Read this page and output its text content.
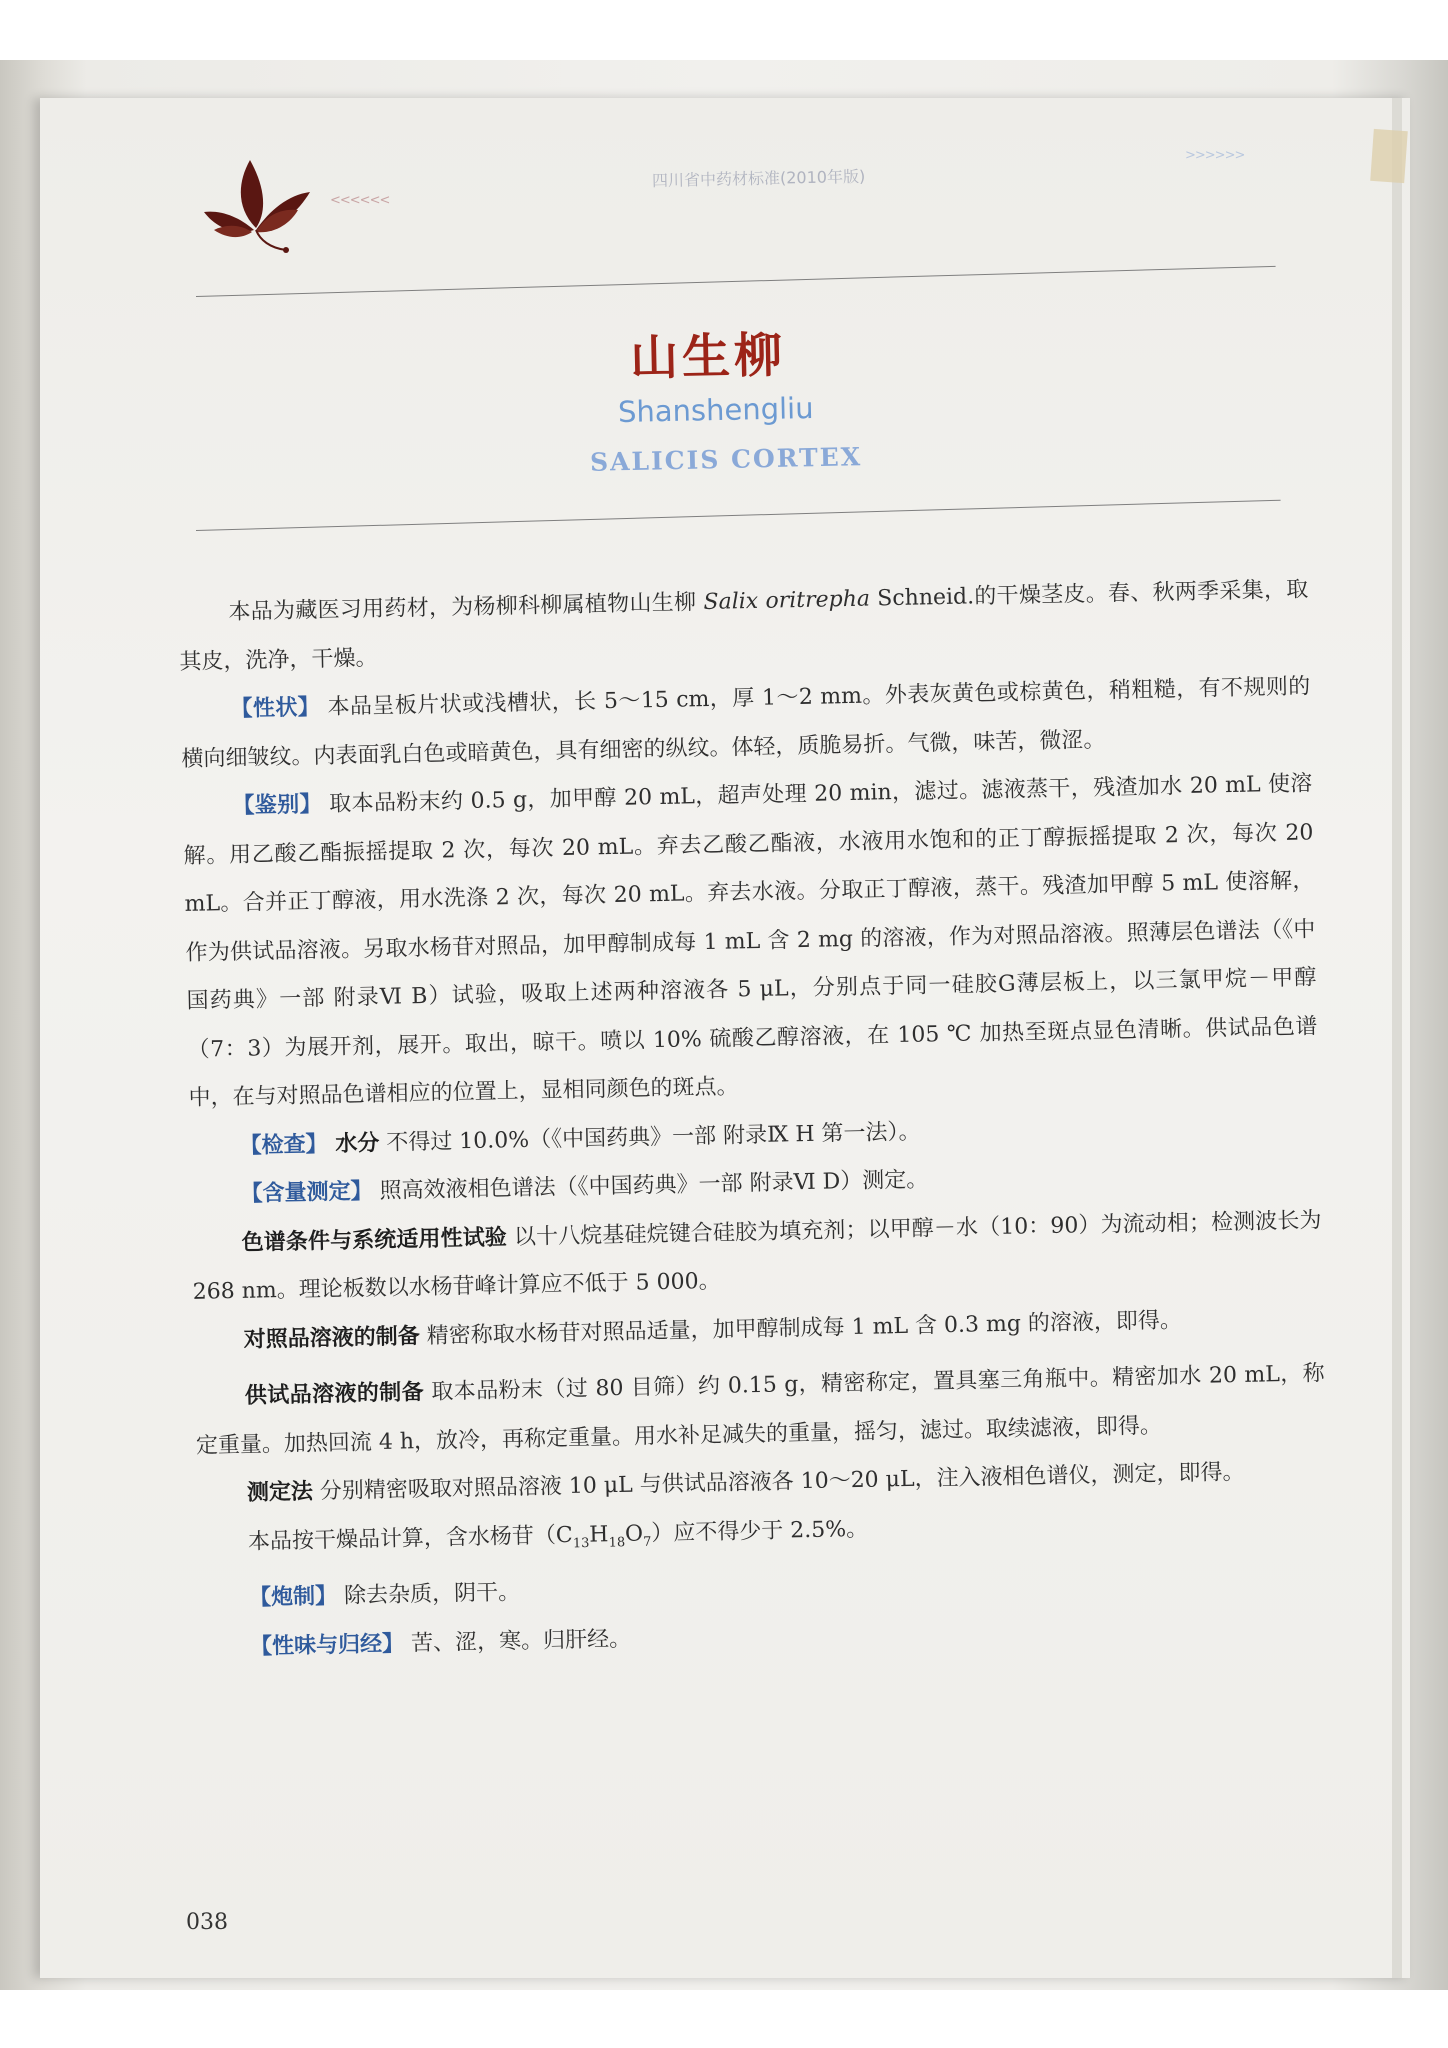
<<<<<<
四川省中药材标准(2010年版)
>>>>>>
山生柳
Shanshengliu
SALICIS CORTEX

本品为藏医习用药材，为杨柳科柳属植物山生柳 Salix oritrepha Schneid.的干燥茎皮。春、秋两季采集，取其皮，洗净，干燥。

【性状】 本品呈板片状或浅槽状，长 5～15 cm，厚 1～2 mm。外表灰黄色或棕黄色，稍粗糙，有不规则的横向细皱纹。内表面乳白色或暗黄色，具有细密的纵纹。体轻，质脆易折。气微，味苦，微涩。

【鉴别】 取本品粉末约 0.5 g，加甲醇 20 mL，超声处理 20 min，滤过。滤液蒸干，残渣加水 20 mL 使溶解。用乙酸乙酯振摇提取 2 次，每次 20 mL。弃去乙酸乙酯液，水液用水饱和的正丁醇振摇提取 2 次，每次 20 mL。合并正丁醇液，用水洗涤 2 次，每次 20 mL。弃去水液。分取正丁醇液，蒸干。残渣加甲醇 5 mL 使溶解，作为供试品溶液。另取水杨苷对照品，加甲醇制成每 1 mL 含 2 mg 的溶液，作为对照品溶液。照薄层色谱法（《中国药典》一部 附录Ⅵ B）试验，吸取上述两种溶液各 5 μL，分别点于同一硅胶G薄层板上，以三氯甲烷－甲醇（7：3）为展开剂，展开。取出，晾干。喷以 10% 硫酸乙醇溶液，在 105 ℃ 加热至斑点显色清晰。供试品色谱中，在与对照品色谱相应的位置上，显相同颜色的斑点。

【检查】 水分 不得过 10.0%（《中国药典》一部 附录Ⅸ H 第一法）。

【含量测定】 照高效液相色谱法（《中国药典》一部 附录Ⅵ D）测定。

色谱条件与系统适用性试验 以十八烷基硅烷键合硅胶为填充剂；以甲醇－水（10：90）为流动相；检测波长为 268 nm。理论板数以水杨苷峰计算应不低于 5 000。

对照品溶液的制备 精密称取水杨苷对照品适量，加甲醇制成每 1 mL 含 0.3 mg 的溶液，即得。

供试品溶液的制备 取本品粉末（过 80 目筛）约 0.15 g，精密称定，置具塞三角瓶中。精密加水 20 mL，称定重量。加热回流 4 h，放冷，再称定重量。用水补足减失的重量，摇匀，滤过。取续滤液，即得。

测定法 分别精密吸取对照品溶液 10 μL 与供试品溶液各 10～20 μL，注入液相色谱仪，测定，即得。

本品按干燥品计算，含水杨苷$(C_{13}H_{18}O_7)$应不得少于 2.5%。

【炮制】 除去杂质，阴干。

【性味与归经】 苦、涩，寒。归肝经。

038
